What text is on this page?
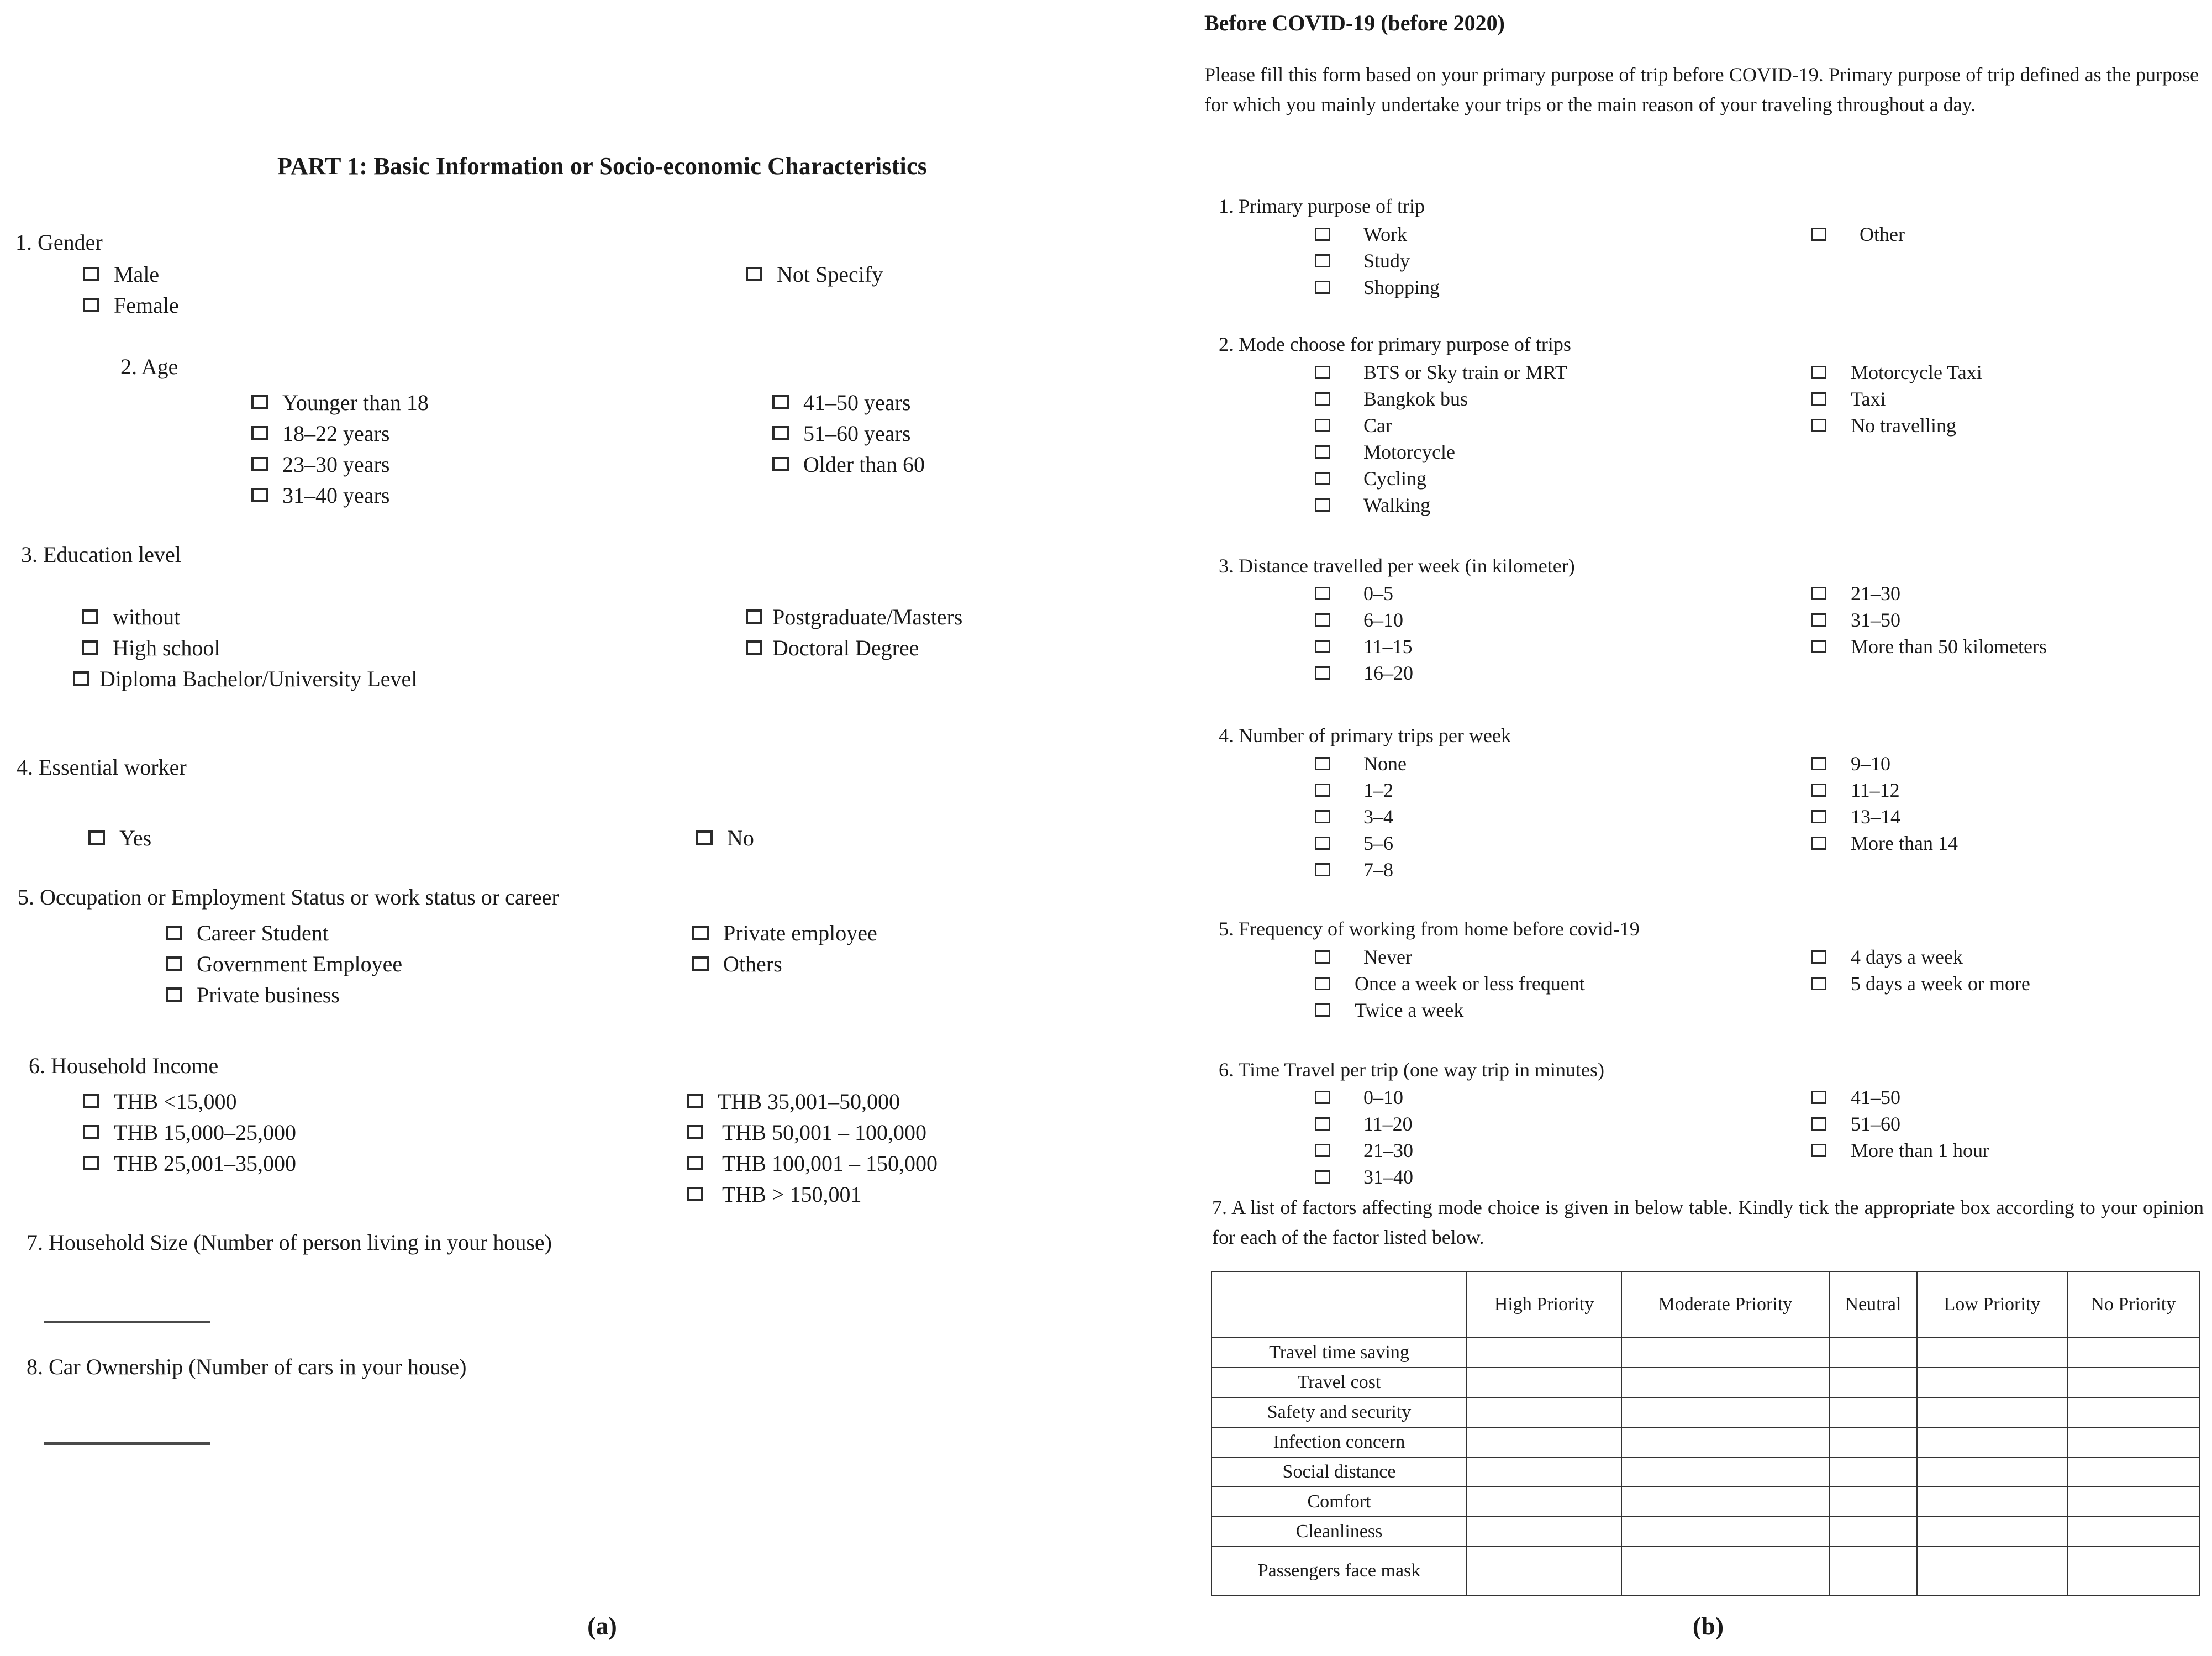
PART 1: Basic Information or Socio-economic Characteristics
1. Gender
Male
Female
Not Specify
2. Age
Younger than 18
18–22 years
23–30 years
31–40 years
41–50 years
51–60 years
Older than 60
3. Education level
without
High school
Diploma Bachelor/University Level
Postgraduate/Masters
Doctoral Degree
4. Essential worker
Yes	No
5. Occupation or Employment Status or work status or career
Career Student
Government Employee
Private business
Private employee
Others
6. Household Income
THB <15,000
THB 15,000–25,000
THB 25,001–35,000
THB 35,001–50,000
THB 50,001 – 100,000
THB 100,001 – 150,000
THB > 150,001
7. Household Size (Number of person living in your house)
8. Car Ownership (Number of cars in your house)
(a)
Before COVID-19 (before 2020)
Please fill this form based on your primary purpose of trip before COVID-19. Primary purpose of trip defined as the purpose for which you mainly undertake your trips or the main reason of your traveling throughout a day.
1. Primary purpose of trip
Work
Study
Shopping
Other
2. Mode choose for primary purpose of trips
BTS or Sky train or MRT
Bangkok bus
Car
Motorcycle
Cycling
Walking
Motorcycle Taxi
Taxi
No travelling
3. Distance travelled per week (in kilometer)
0–5
6–10
11–15
16–20
21–30
31–50
More than 50 kilometers
4. Number of primary trips per week
None
1–2
3–4
5–6
7–8
9–10
11–12
13–14
More than 14
5. Frequency of working from home before covid-19
Never
Once a week or less frequent
Twice a week
4 days a week
5 days a week or more
6. Time Travel per trip (one way trip in minutes)
0–10
11–20
21–30
31–40
41–50
51–60
More than 1 hour
7. A list of factors affecting mode choice is given in below table. Kindly tick the appropriate box according to your opinion for each of the factor listed below.
	High Priority	Moderate Priority	Neutral	Low Priority	No Priority
Travel time saving					
Travel cost					
Safety and security					
Infection concern					
Social distance					
Comfort					
Cleanliness					
Passengers face mask					
(b)
